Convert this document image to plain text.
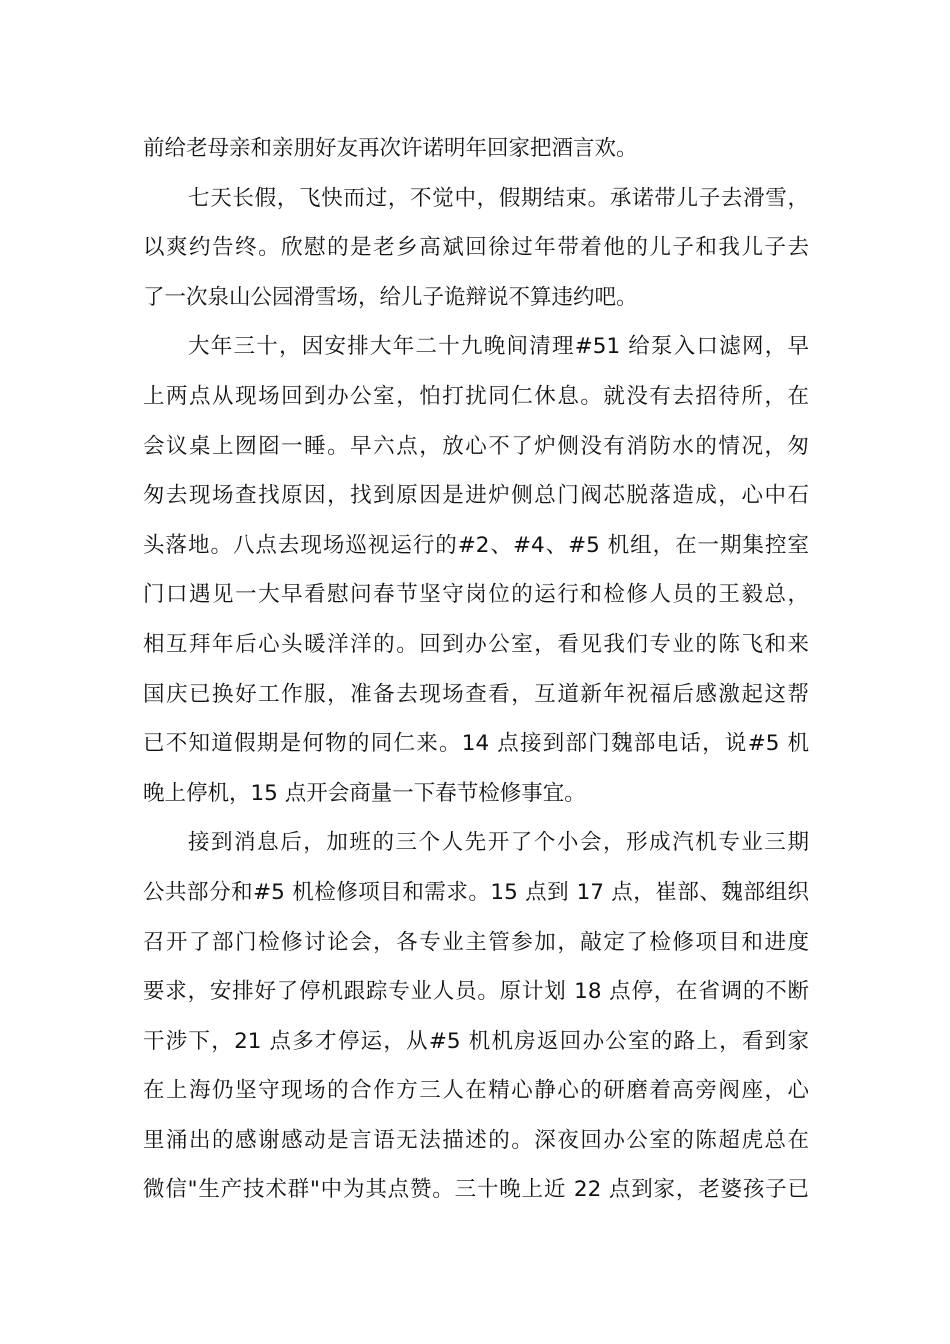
前给老母亲和亲朋好友再次许诺明年回家把酒言欢。
七天长假，飞快而过，不觉中，假期结束。承诺带儿子去滑雪，
以爽约告终。欣慰的是老乡高斌回徐过年带着他的儿子和我儿子去
了一次泉山公园滑雪场，给儿子诡辩说不算违约吧。
大年三十，因安排大年二十九晚间清理#51 给泵入口滤网，早
上两点从现场回到办公室，怕打扰同仁休息。就没有去招待所，在
会议桌上囫囵一睡。早六点，放心不了炉侧没有消防水的情况，匆
匆去现场查找原因，找到原因是进炉侧总门阀芯脱落造成，心中石
头落地。八点去现场巡视运行的#2、#4、#5 机组，在一期集控室
门口遇见一大早看慰问春节坚守岗位的运行和检修人员的王毅总，
相互拜年后心头暖洋洋的。回到办公室，看见我们专业的陈飞和来
国庆已换好工作服，准备去现场查看，互道新年祝福后感激起这帮
已不知道假期是何物的同仁来。14 点接到部门魏部电话，说#5 机
晚上停机，15 点开会商量一下春节检修事宜。
接到消息后，加班的三个人先开了个小会，形成汽机专业三期
公共部分和#5 机检修项目和需求。15 点到 17 点，崔部、魏部组织
召开了部门检修讨论会，各专业主管参加，敲定了检修项目和进度
要求，安排好了停机跟踪专业人员。原计划 18 点停，在省调的不断
干涉下，21 点多才停运，从#5 机机房返回办公室的路上，看到家
在上海仍坚守现场的合作方三人在精心静心的研磨着高旁阀座，心
里涌出的感谢感动是言语无法描述的。深夜回办公室的陈超虎总在
微信"生产技术群"中为其点赞。三十晚上近 22 点到家，老婆孩子已
